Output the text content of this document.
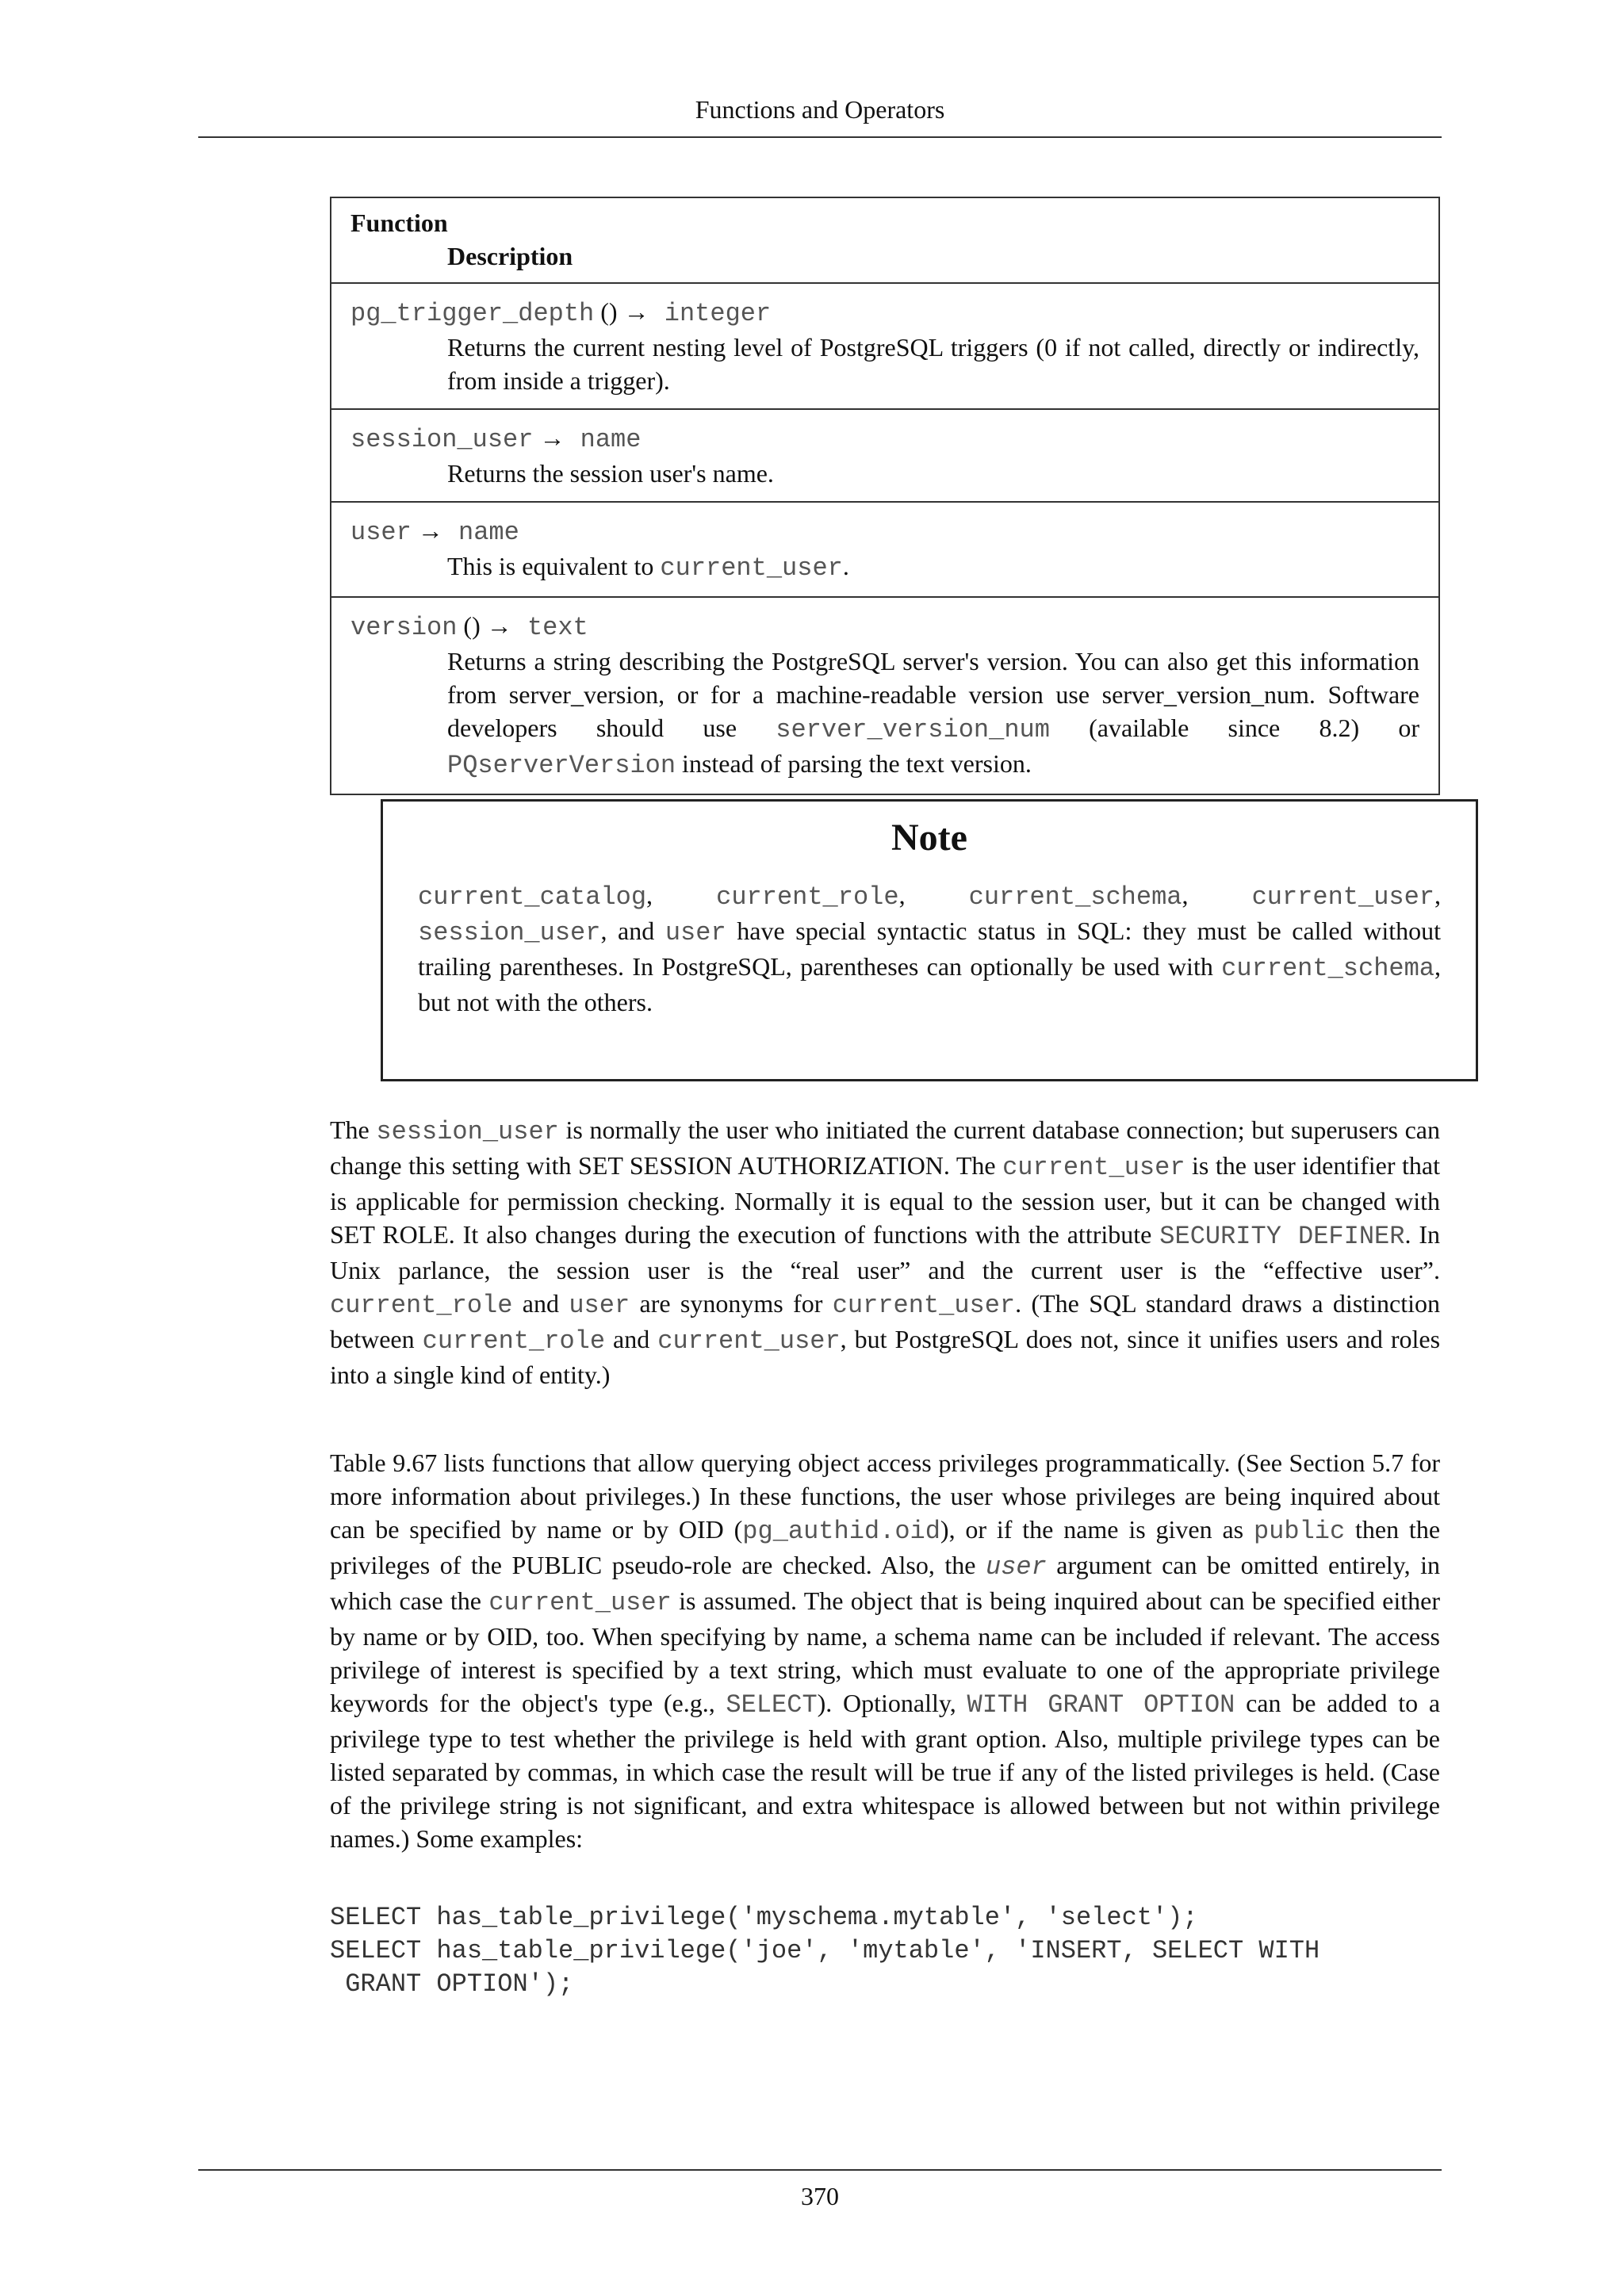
Functions and Operators
Function
Description

pg_trigger_depth () → integer
Returns the current nesting level of PostgreSQL triggers (0 if not called, directly or indirectly, from inside a trigger).

session_user → name
Returns the session user's name.

user → name
This is equivalent to current_user.

version () → text
Returns a string describing the PostgreSQL server's version. You can also get this information from server_version, or for a machine-readable version use server_version_num. Software developers should use server_version_num (available since 8.2) or PQserverVersion instead of parsing the text version.
Note

current_catalog, current_role, current_schema, current_user, session_user, and user have special syntactic status in SQL: they must be called without trailing parentheses. In PostgreSQL, parentheses can optionally be used with current_schema, but not with the others.

The session_user is normally the user who initiated the current database connection; but superusers can change this setting with SET SESSION AUTHORIZATION. The current_user is the user identifier that is applicable for permission checking. Normally it is equal to the session user, but it can be changed with SET ROLE. It also changes during the execution of functions with the attribute SECURITY DEFINER. In Unix parlance, the session user is the “real user” and the current user is the “effective user”. current_role and user are synonyms for current_user. (The SQL standard draws a distinction between current_role and current_user, but PostgreSQL does not, since it unifies users and roles into a single kind of entity.)

Table 9.67 lists functions that allow querying object access privileges programmatically. (See Section 5.7 for more information about privileges.) In these functions, the user whose privileges are being inquired about can be specified by name or by OID (pg_authid.oid), or if the name is given as public then the privileges of the PUBLIC pseudo-role are checked. Also, the user argument can be omitted entirely, in which case the current_user is assumed. The object that is being inquired about can be specified either by name or by OID, too. When specifying by name, a schema name can be included if relevant. The access privilege of interest is specified by a text string, which must evaluate to one of the appropriate privilege keywords for the object's type (e.g., SELECT). Optionally, WITH GRANT OPTION can be added to a privilege type to test whether the privilege is held with grant option. Also, multiple privilege types can be listed separated by commas, in which case the result will be true if any of the listed privileges is held. (Case of the privilege string is not significant, and extra whitespace is allowed between but not within privilege names.) Some examples:

SELECT has_table_privilege('myschema.mytable', 'select');
SELECT has_table_privilege('joe', 'mytable', 'INSERT, SELECT WITH
GRANT OPTION');
370
